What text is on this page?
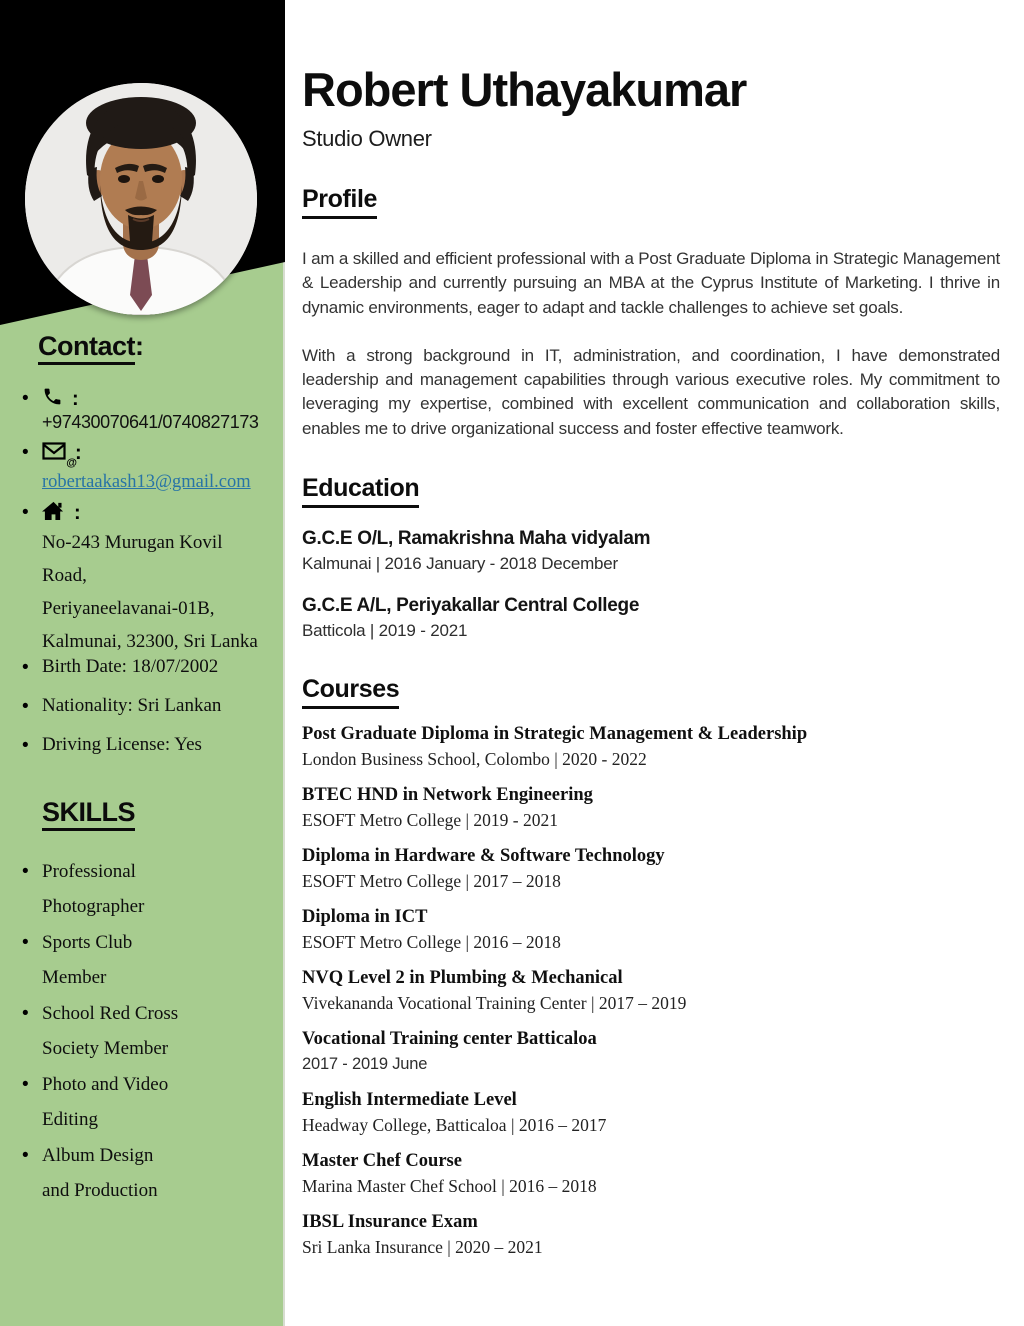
Contact:
•	:
+97430070641/0740827173
•	@
:
robertaakash13@gmail.com
•	:
No-243 Murugan Kovil
Road,
Periyaneelavanai-01B,
Kalmunai, 32300, Sri Lanka
• Birth Date: 18/07/2002
• Nationality: Sri Lankan
• Driving License: Yes
SKILLS
• Professional
Photographer
• Sports Club
Member
• School Red Cross
Society Member
• Photo and Video
Editing
• Album Design
and Production
Robert Uthayakumar
Studio Owner
Profile

I am a skilled and efficient professional with a Post Graduate Diploma in Strategic Management & Leadership and currently pursuing an MBA at the Cyprus Institute of Marketing. I thrive in dynamic environments, eager to adapt and tackle challenges to achieve set goals.

With a strong background in IT, administration, and coordination, I have demonstrated leadership and management capabilities through various executive roles. My commitment to leveraging my expertise, combined with excellent communication and collaboration skills, enables me to drive organizational success and foster effective teamwork.

Education
G.C.E O/L, Ramakrishna Maha vidyalam
Kalmunai | 2016 January - 2018 December
G.C.E A/L, Periyakallar Central College
Batticola | 2019 - 2021
Courses
Post Graduate Diploma in Strategic Management & Leadership
London Business School, Colombo | 2020 - 2022
BTEC HND in Network Engineering
ESOFT Metro College | 2019 - 2021
Diploma in Hardware & Software Technology
ESOFT Metro College | 2017 – 2018
Diploma in ICT
ESOFT Metro College | 2016 – 2018
NVQ Level 2 in Plumbing & Mechanical
Vivekananda Vocational Training Center | 2017 – 2019
Vocational Training center Batticaloa
2017 - 2019 June
English Intermediate Level
Headway College, Batticaloa | 2016 – 2017
Master Chef Course
Marina Master Chef School | 2016 – 2018
IBSL Insurance Exam
Sri Lanka Insurance | 2020 – 2021
